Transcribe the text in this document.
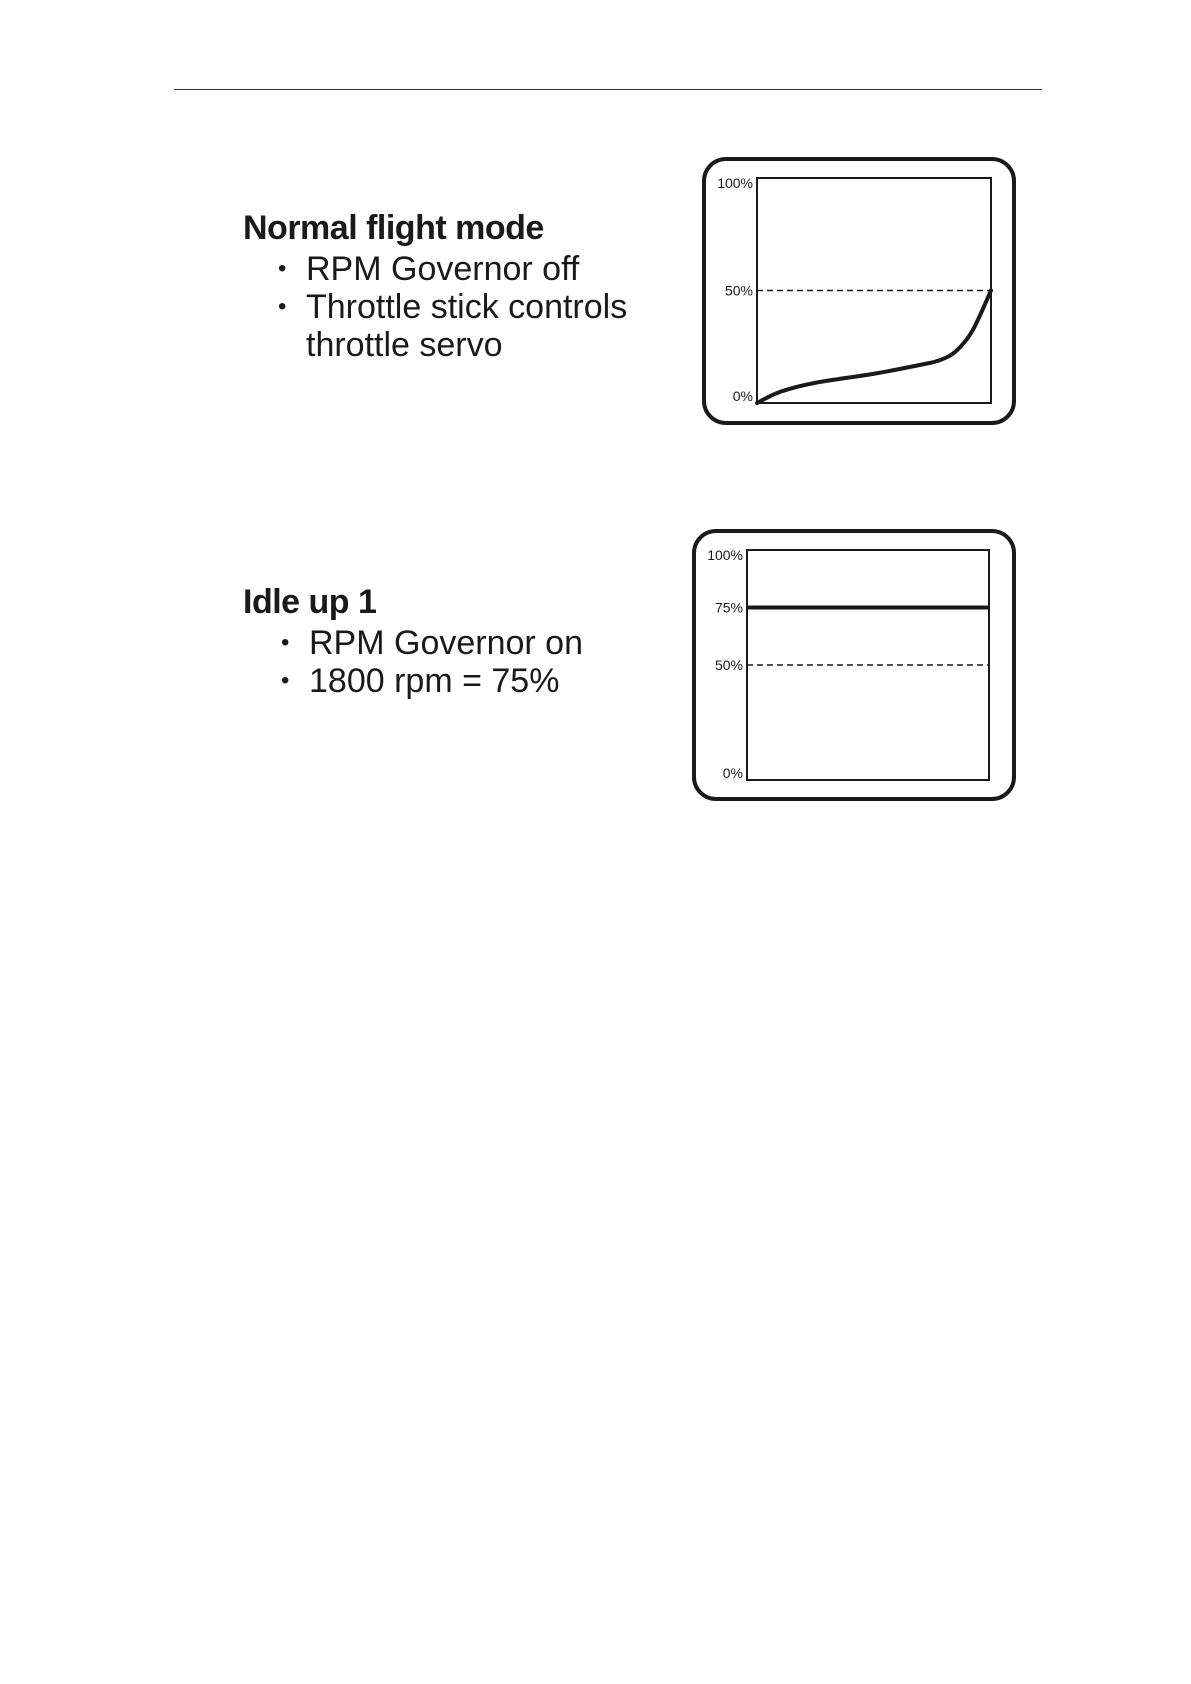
Normal flight mode
• RPM Governor off
• Throttle stick controls throttle servo
Idle up 1
• RPM Governor on
• 1800 rpm = 75%
100%
50%
0%
100%
75%
50%
0%
